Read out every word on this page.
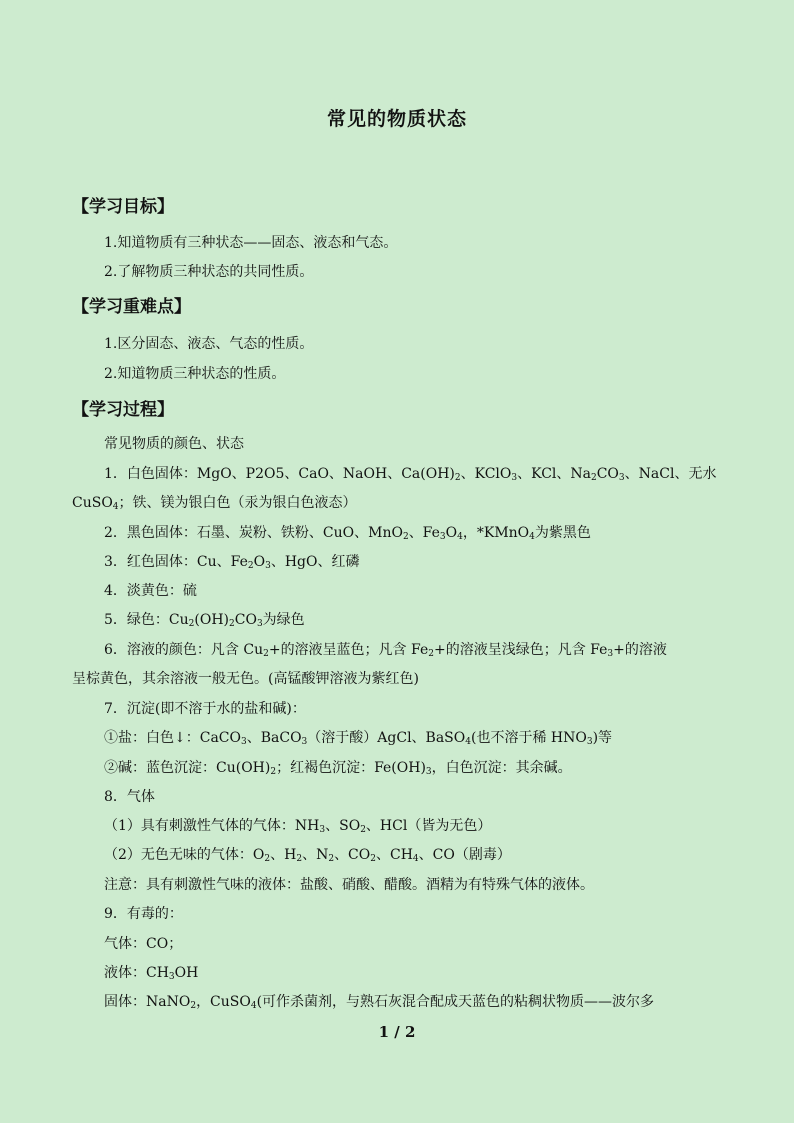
常见的物质状态
【学习目标】
1.知道物质有三种状态——固态、液态和气态。
2.了解物质三种状态的共同性质。
【学习重难点】
1.区分固态、液态、气态的性质。
2.知道物质三种状态的性质。
【学习过程】
常见物质的颜色、状态
1．白色固体：MgO、P2O5、CaO、NaOH、$Ca(OH)_2$、KClO$_3$、KCl、$Na_2CO_3$、NaCl、无水
CuSO$_4$；铁、镁为银白色（汞为银白色液态）
2．黑色固体：石墨、炭粉、铁粉、CuO、MnO$_2$、$Fe_3O_4$，*KMnO$_4$为紫黑色
3．红色固体：Cu、$Fe_2O_3$、HgO、红磷
4．淡黄色：硫
5．绿色：$Cu_2(OH)_2CO_3$为绿色
6．溶液的颜色：凡含 $Cu_2+$的溶液呈蓝色；凡含 $Fe_2+$的溶液呈浅绿色；凡含 $Fe_3+$的溶液
呈棕黄色，其余溶液一般无色。(高锰酸钾溶液为紫红色)
7．沉淀(即不溶于水的盐和碱)：
①盐：白色↓：CaCO$_3$、BaCO$_3$（溶于酸）AgCl、BaSO$_4$(也不溶于稀 $HNO_3$)等
②碱：蓝色沉淀：$Cu(OH)_2$；红褐色沉淀：$Fe(OH)_3$，白色沉淀：其余碱。
8．气体
（1）具有刺激性气体的气体：$NH_3$、$SO_2$、HCl（皆为无色）
（2）无色无味的气体：$O_2$、$H_2$、$N_2$、$CO_2$、$CH_4$、CO（剧毒）
注意：具有刺激性气味的液体：盐酸、硝酸、醋酸。酒精为有特殊气体的液体。
9．有毒的：
气体：CO；
液体：$CH_3OH$
固体：NaNO$_2$，CuSO$_4$(可作杀菌剂，与熟石灰混合配成天蓝色的粘稠状物质——波尔多
1 / 2
